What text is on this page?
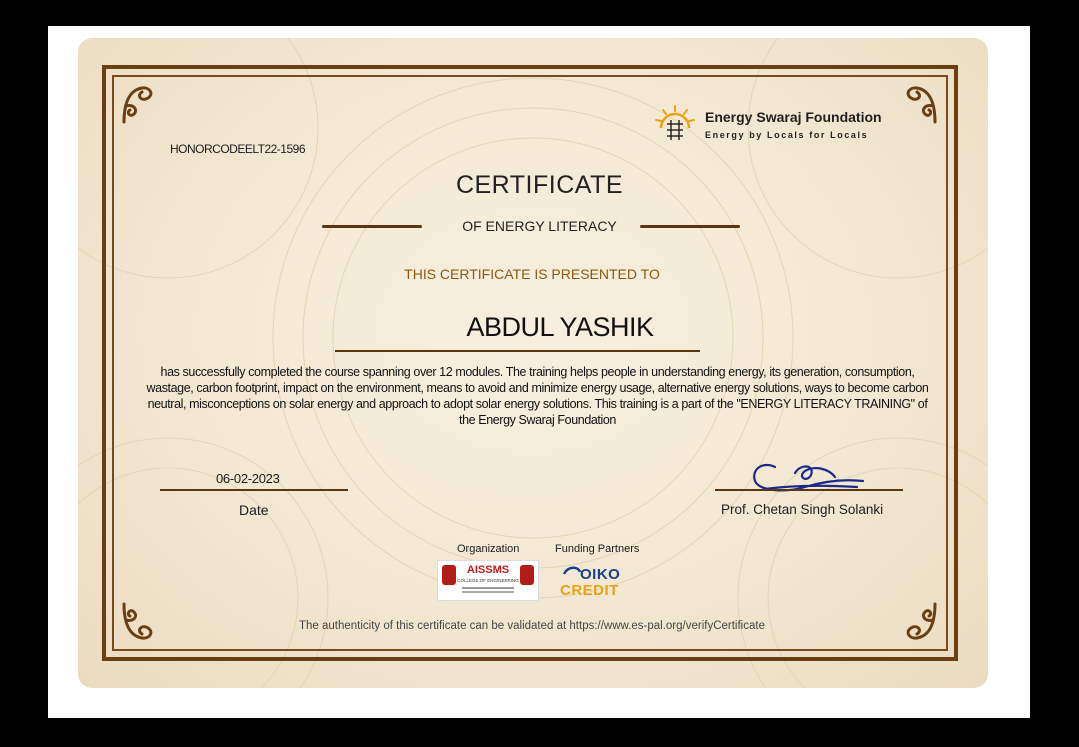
HONORCODEELT22-1596
Energy Swaraj Foundation
Energy by Locals for Locals
CERTIFICATE
OF ENERGY LITERACY
THIS CERTIFICATE IS PRESENTED TO
ABDUL YASHIK
has successfully completed the course spanning over 12 modules. The training helps people in understanding energy, its generation, consumption, wastage, carbon footprint, impact on the environment, means to avoid and minimize energy usage, alternative energy solutions, ways to become carbon neutral, misconceptions on solar energy and approach to adopt solar energy solutions. This training is a part of the "ENERGY LITERACY TRAINING" of the Energy Swaraj Foundation
06-02-2023
Date	Prof. Chetan Singh Solanki
Organization	Funding Partners
AISSMS
COLLEGE OF ENGINEERING	OIKO
CREDIT
The authenticity of this certificate can be validated at https://www.es-pal.org/verifyCertificate
